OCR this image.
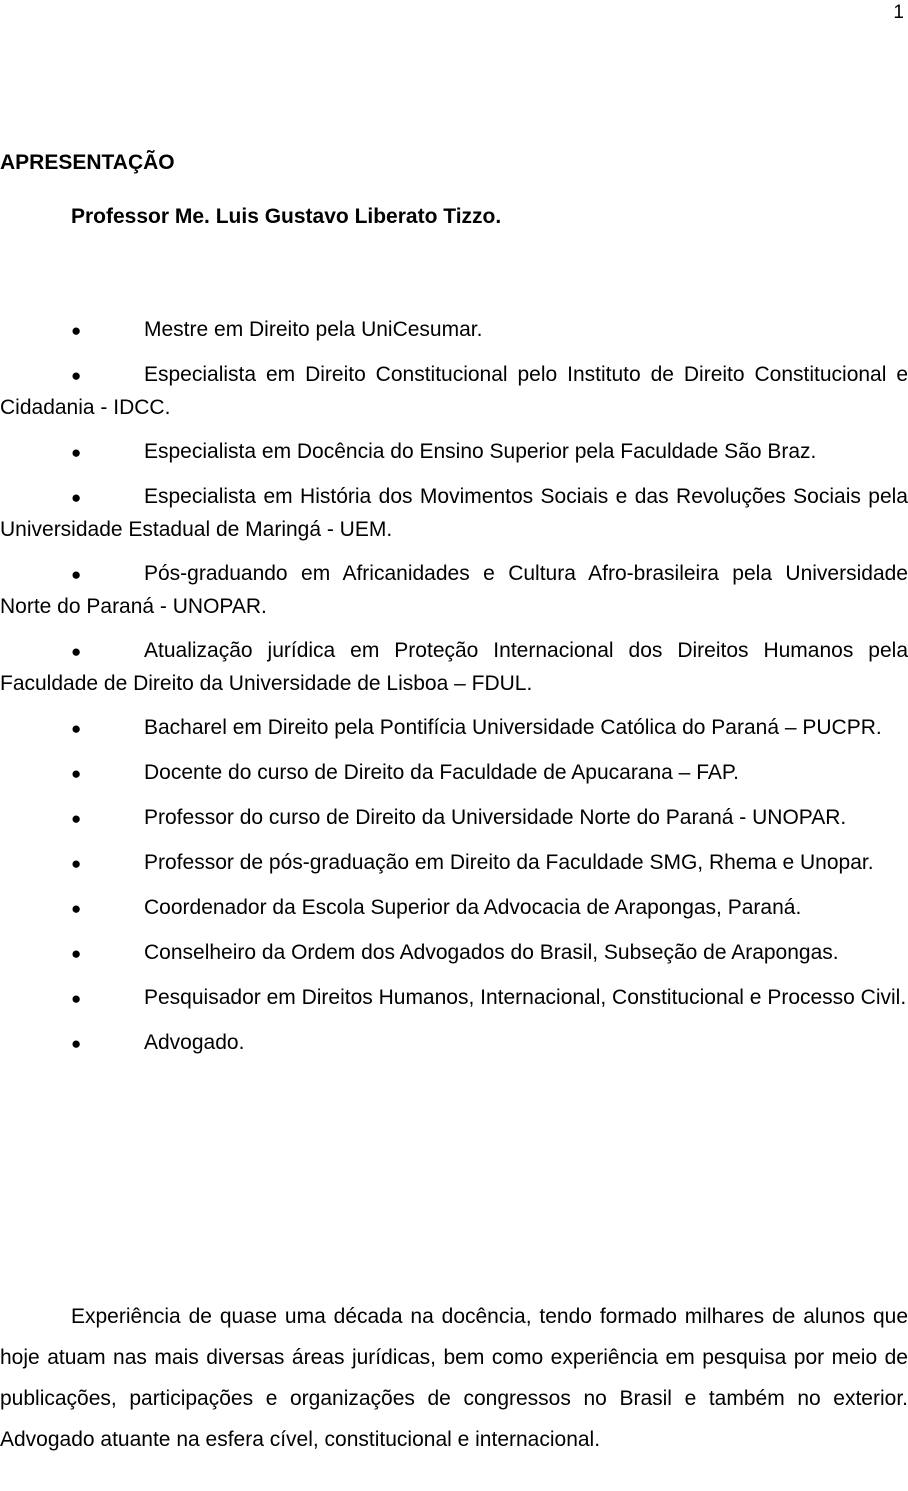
1
APRESENTAÇÃO

Professor Me. Luis Gustavo Liberato Tizzo.

●	Mestre em Direito pela UniCesumar.
●	Especialista em Direito Constitucional pelo Instituto de Direito Constitucional e Cidadania - IDCC.
●	Especialista em Docência do Ensino Superior pela Faculdade São Braz.
●	Especialista em História dos Movimentos Sociais e das Revoluções Sociais pela Universidade Estadual de Maringá - UEM.
●	Pós-graduando em Africanidades e Cultura Afro-brasileira pela Universidade Norte do Paraná - UNOPAR.
●	Atualização jurídica em Proteção Internacional dos Direitos Humanos pela Faculdade de Direito da Universidade de Lisboa – FDUL.
●	Bacharel em Direito pela Pontifícia Universidade Católica do Paraná – PUCPR.
●	Docente do curso de Direito da Faculdade de Apucarana – FAP.
●	Professor do curso de Direito da Universidade Norte do Paraná - UNOPAR.
●	Professor de pós-graduação em Direito da Faculdade SMG, Rhema e Unopar.
●	Coordenador da Escola Superior da Advocacia de Arapongas, Paraná.
●	Conselheiro da Ordem dos Advogados do Brasil, Subseção de Arapongas.
●	Pesquisador em Direitos Humanos, Internacional, Constitucional e Processo Civil.
●	Advogado.

Experiência de quase uma década na docência, tendo formado milhares de alunos que hoje atuam nas mais diversas áreas jurídicas, bem como experiência em pesquisa por meio de publicações, participações e organizações de congressos no Brasil e também no exterior. Advogado atuante na esfera cível, constitucional e internacional.
